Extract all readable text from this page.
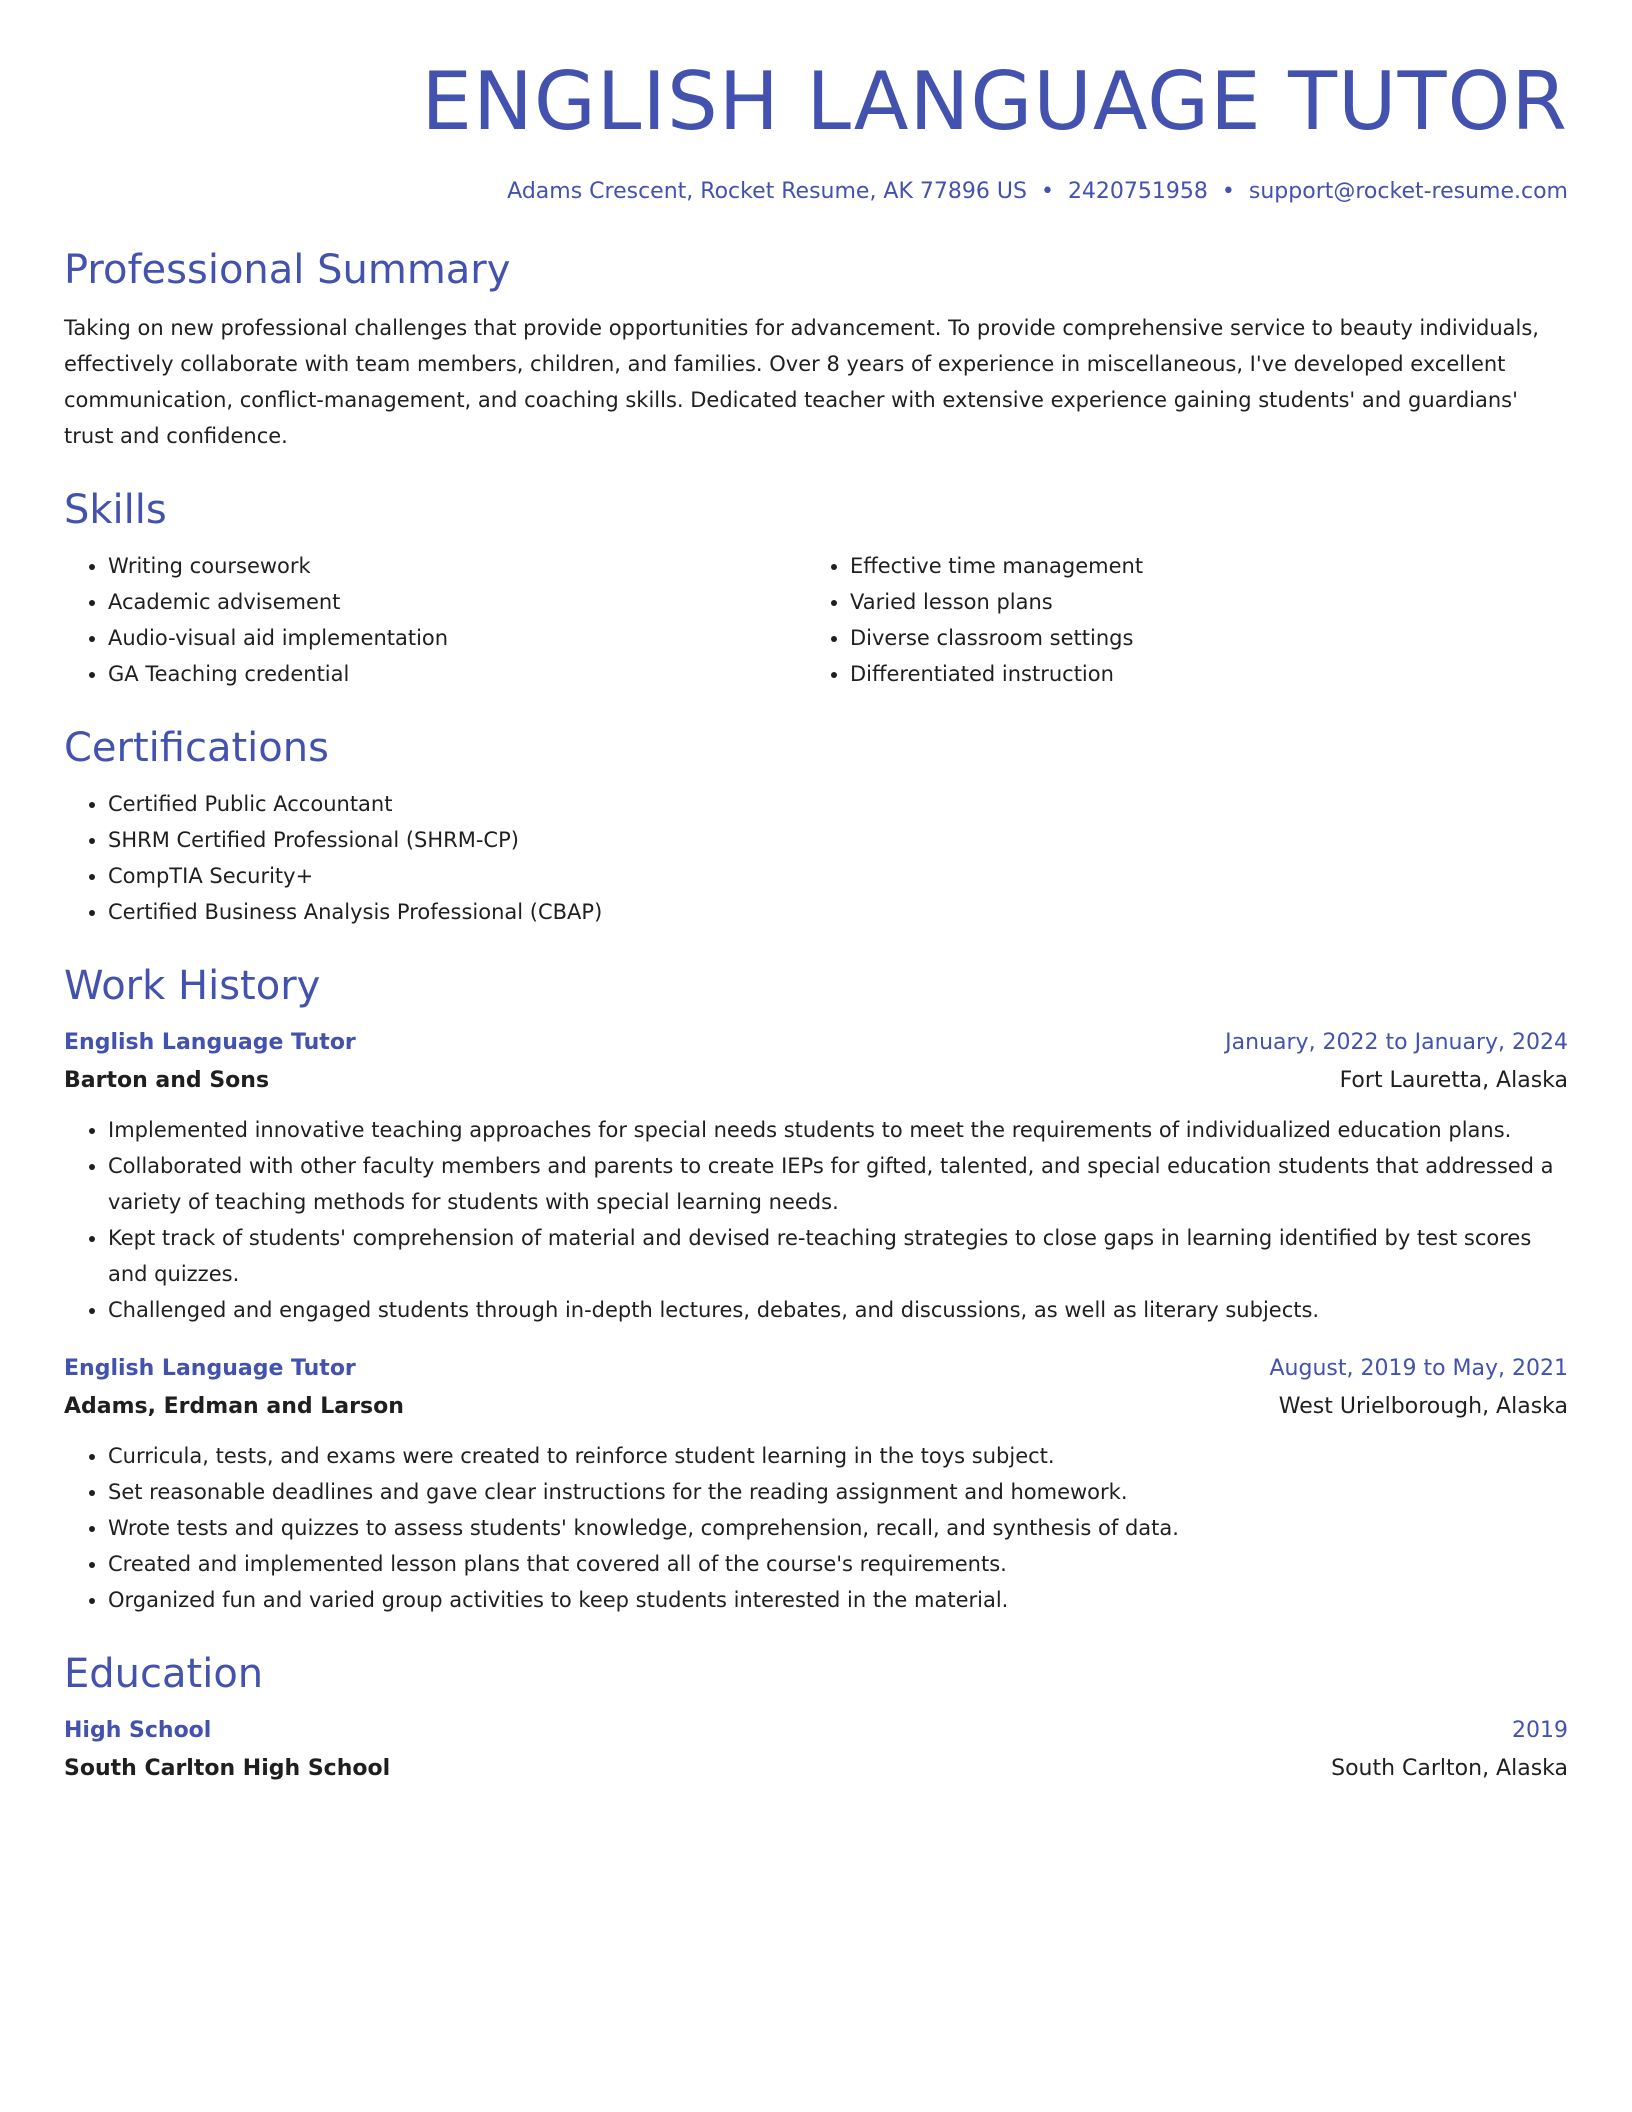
ENGLISH LANGUAGE TUTOR
Adams Crescent, Rocket Resume, AK 77896 US • 2420751958 • support@rocket-resume.com
Professional Summary

Taking on new professional challenges that provide opportunities for advancement. To provide comprehensive service to beauty individuals, effectively collaborate with team members, children, and families. Over 8 years of experience in miscellaneous, I've developed excellent communication, conflict-management, and coaching skills. Dedicated teacher with extensive experience gaining students' and guardians' trust and confidence.

Skills
• Writing coursework
• Academic advisement
• Audio-visual aid implementation
• GA Teaching credential
• Effective time management
• Varied lesson plans
• Diverse classroom settings
• Differentiated instruction
Certifications
• Certified Public Accountant
• SHRM Certified Professional (SHRM-CP)
• CompTIA Security+
• Certified Business Analysis Professional (CBAP)
Work History
English Language Tutor	January, 2022 to January, 2024
Barton and Sons	Fort Lauretta, Alaska
• Implemented innovative teaching approaches for special needs students to meet the requirements of individualized education plans.
• Collaborated with other faculty members and parents to create IEPs for gifted, talented, and special education students that addressed a variety of teaching methods for students with special learning needs.
• Kept track of students' comprehension of material and devised re-teaching strategies to close gaps in learning identified by test scores and quizzes.
• Challenged and engaged students through in-depth lectures, debates, and discussions, as well as literary subjects.
English Language Tutor	August, 2019 to May, 2021
Adams, Erdman and Larson	West Urielborough, Alaska
• Curricula, tests, and exams were created to reinforce student learning in the toys subject.
• Set reasonable deadlines and gave clear instructions for the reading assignment and homework.
• Wrote tests and quizzes to assess students' knowledge, comprehension, recall, and synthesis of data.
• Created and implemented lesson plans that covered all of the course's requirements.
• Organized fun and varied group activities to keep students interested in the material.
Education
High School	2019
South Carlton High School	South Carlton, Alaska
